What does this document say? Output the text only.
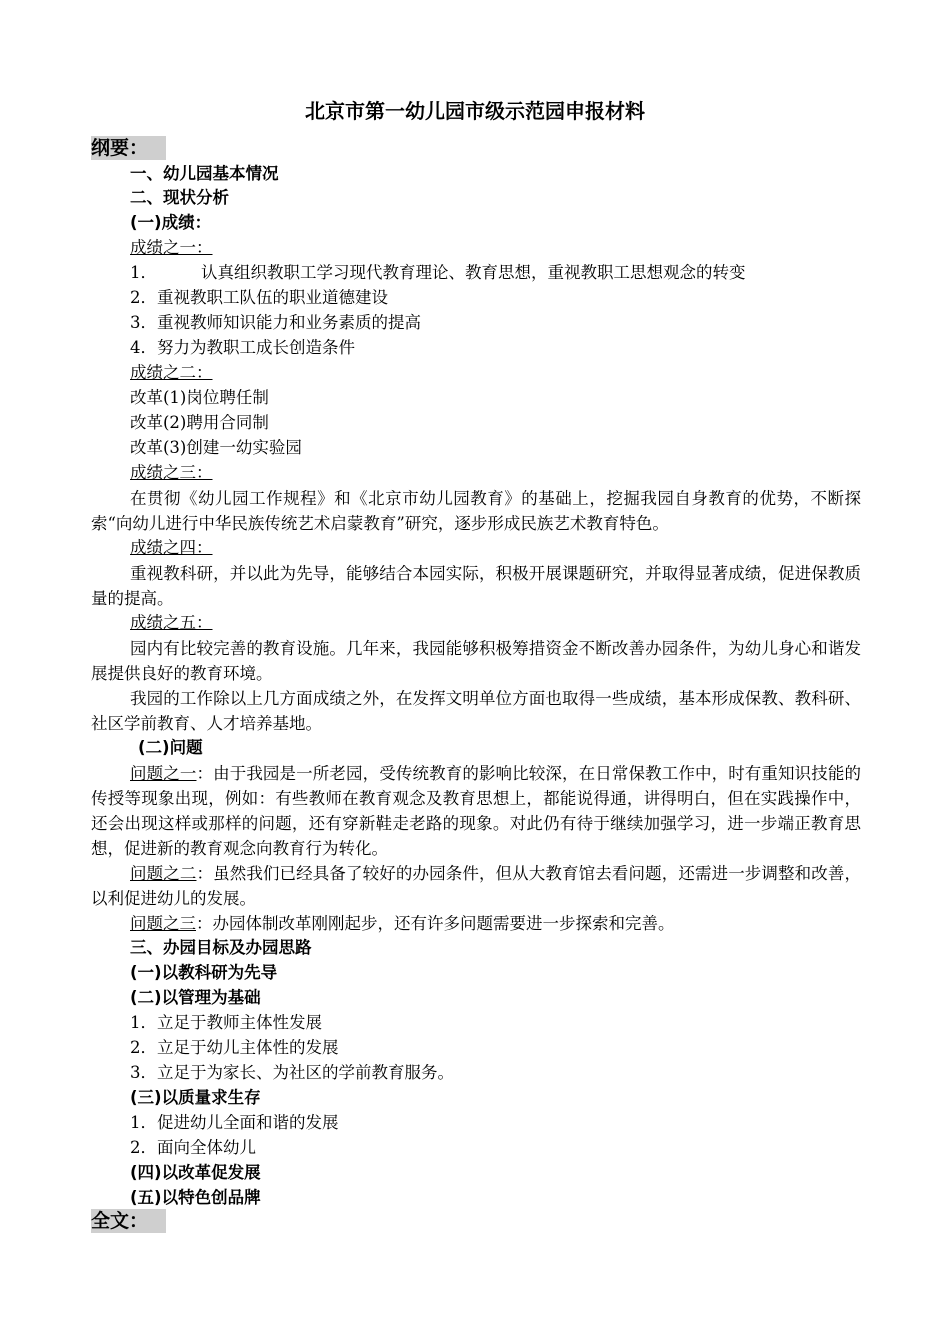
北京市第一幼儿园市级示范园申报材料
纲要：
一、幼儿园基本情况
二、现状分析
(一)成绩：
成绩之一：
1．	认真组织教职工学习现代教育理论、教育思想，重视教职工思想观念的转变
2．重视教职工队伍的职业道德建设
3．重视教师知识能力和业务素质的提高
4．努力为教职工成长创造条件
成绩之二：
改革(1)岗位聘任制
改革(2)聘用合同制
改革(3)创建一幼实验园
成绩之三：
在贯彻《幼儿园工作规程》和《北京市幼儿园教育》的基础上，挖掘我园自身教育的优势，不断探索“向幼儿进行中华民族传统艺术启蒙教育”研究，逐步形成民族艺术教育特色。
成绩之四：
重视教科研，并以此为先导，能够结合本园实际，积极开展课题研究，并取得显著成绩，促进保教质量的提高。
成绩之五：
园内有比较完善的教育设施。几年来，我园能够积极筹措资金不断改善办园条件，为幼儿身心和谐发展提供良好的教育环境。
我园的工作除以上几方面成绩之外，在发挥文明单位方面也取得一些成绩，基本形成保教、教科研、社区学前教育、人才培养基地。
(二)问题
问题之一：由于我园是一所老园，受传统教育的影响比较深，在日常保教工作中，时有重知识技能的传授等现象出现，例如：有些教师在教育观念及教育思想上，都能说得通，讲得明白，但在实践操作中，还会出现这样或那样的问题，还有穿新鞋走老路的现象。对此仍有待于继续加强学习，进一步端正教育思想，促进新的教育观念向教育行为转化。
问题之二：虽然我们已经具备了较好的办园条件，但从大教育馆去看问题，还需进一步调整和改善，以利促进幼儿的发展。
问题之三：办园体制改革刚刚起步，还有许多问题需要进一步探索和完善。
三、办园目标及办园思路
(一)以教科研为先导
(二)以管理为基础
1．立足于教师主体性发展
2．立足于幼儿主体性的发展
3．立足于为家长、为社区的学前教育服务。
(三)以质量求生存
1．促进幼儿全面和谐的发展
2．面向全体幼儿
(四)以改革促发展
(五)以特色创品牌
全文：
